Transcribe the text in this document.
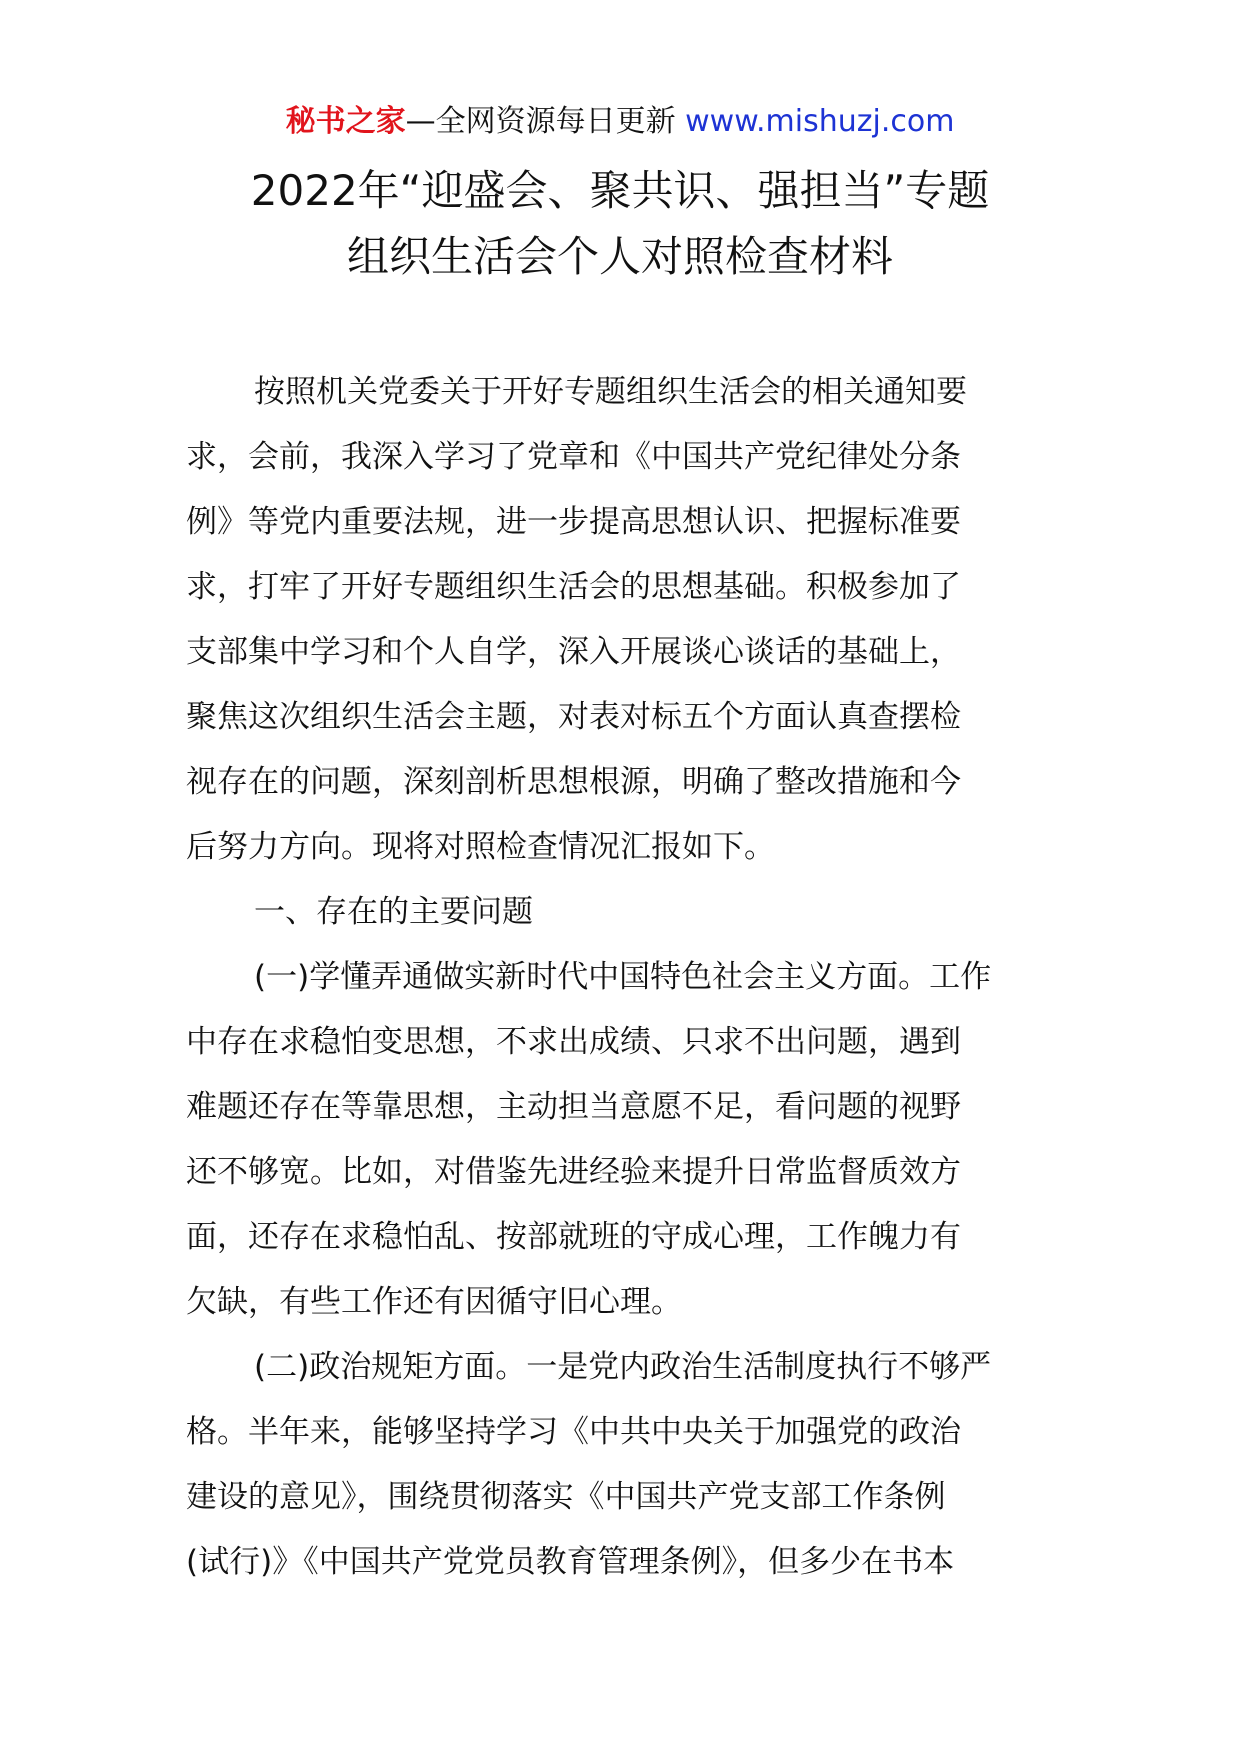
秘书之家—全网资源每日更新 www.mishuzj.com
2022年“迎盛会、聚共识、强担当”专题
组织生活会个人对照检查材料
按照机关党委关于开好专题组织生活会的相关通知要
求，会前，我深入学习了党章和《中国共产党纪律处分条
例》等党内重要法规，进一步提高思想认识、把握标准要
求，打牢了开好专题组织生活会的思想基础。积极参加了
支部集中学习和个人自学，深入开展谈心谈话的基础上，
聚焦这次组织生活会主题，对表对标五个方面认真查摆检
视存在的问题，深刻剖析思想根源，明确了整改措施和今
后努力方向。现将对照检查情况汇报如下。
一、存在的主要问题
(一)学懂弄通做实新时代中国特色社会主义方面。工作
中存在求稳怕变思想，不求出成绩、只求不出问题，遇到
难题还存在等靠思想，主动担当意愿不足，看问题的视野
还不够宽。比如，对借鉴先进经验来提升日常监督质效方
面，还存在求稳怕乱、按部就班的守成心理，工作魄力有
欠缺，有些工作还有因循守旧心理。
(二)政治规矩方面。一是党内政治生活制度执行不够严
格。半年来，能够坚持学习《中共中央关于加强党的政治
建设的意见》，围绕贯彻落实《中国共产党支部工作条例
(试行)》《中国共产党党员教育管理条例》，但多少在书本
